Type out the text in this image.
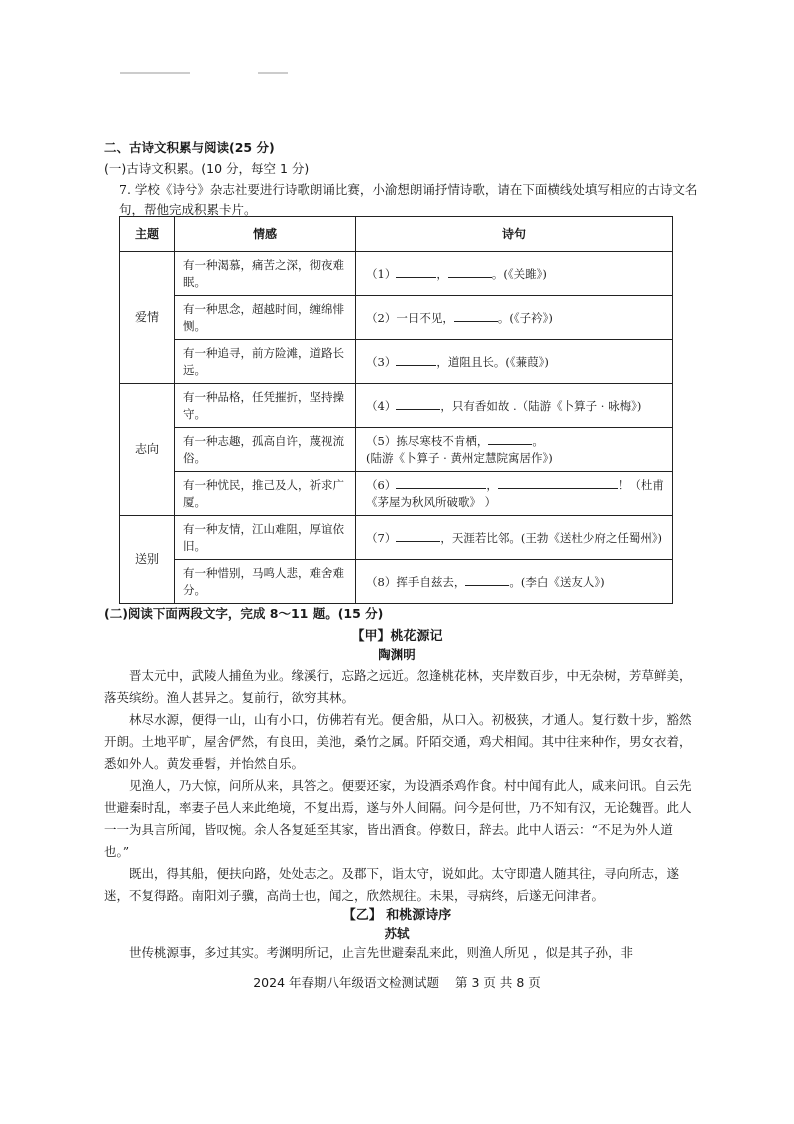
二、古诗文积累与阅读(25 分)
(一)古诗文积累。(10 分，每空 1 分)
7. 学校《诗兮》杂志社要进行诗歌朗诵比赛，小渝想朗诵抒情诗歌，请在下面横线处填写相应的古诗文名句，帮他完成积累卡片。
主题	情感	诗句
爱情	有一种渴慕，痛苦之深，彻夜难眠。	（1） ， 。(《关雎》)
	有一种思念，超越时间，缠绵悱恻。	（2）一日不见， 。(《子衿》)
	有一种追寻，前方险滩，道路长远。	（3） ，道阻且长。(《蒹葭》)
志向	有一种品格，任凭摧折，坚持操守。	（4） ，只有香如故 .（陆游《卜算子 · 咏梅》)
	有一种志趣，孤高自许，蔑视流俗。	（5）拣尽寒枝不肯栖， 。
(陆游《卜算子 · 黄州定慧院寓居作》)
	有一种忧民，推己及人，祈求广厦。	（6） ， ！（杜甫 《茅屋为秋风所破歌》 ）
送别	有一种友情，江山难阻，厚谊依旧。	（7） ，天涯若比邻。(王勃《送杜少府之任蜀州》)
	有一种惜别，马鸣人悲，难舍难分。	（8）挥手自兹去， 。(李白《送友人》)
(二)阅读下面两段文字，完成 8～11 题。(15 分)
【甲】桃花源记
陶渊明

晋太元中，武陵人捕鱼为业。缘溪行，忘路之远近。忽逢桃花林，夹岸数百步，中无杂树，芳草鲜美，落英缤纷。渔人甚异之。复前行，欲穷其林。

林尽水源，便得一山，山有小口，仿佛若有光。便舍船，从口入。初极狭，才通人。复行数十步，豁然开朗。土地平旷，屋舍俨然，有良田，美池，桑竹之属。阡陌交通，鸡犬相闻。其中往来种作，男女衣着，悉如外人。黄发垂髫，并怡然自乐。

见渔人，乃大惊，问所从来，具答之。便要还家，为设酒杀鸡作食。村中闻有此人，咸来问讯。自云先世避秦时乱，率妻子邑人来此绝境，不复出焉，遂与外人间隔。问今是何世，乃不知有汉，无论魏晋。此人一一为具言所闻，皆叹惋。余人各复延至其家，皆出酒食。停数日，辞去。此中人语云：“不足为外人道也。”

既出，得其船，便扶向路，处处志之。及郡下，诣太守，说如此。太守即遣人随其往，寻向所志，遂迷，不复得路。南阳刘子骥，高尚士也，闻之，欣然规往。未果，寻病终，后遂无问津者。

【乙】 和桃源诗序
苏轼

世传桃源事，多过其实。考渊明所记，止言先世避秦乱来此，则渔人所见 ，似是其子孙，非

2024 年春期八年级语文检测试题 第 3 页 共 8 页
